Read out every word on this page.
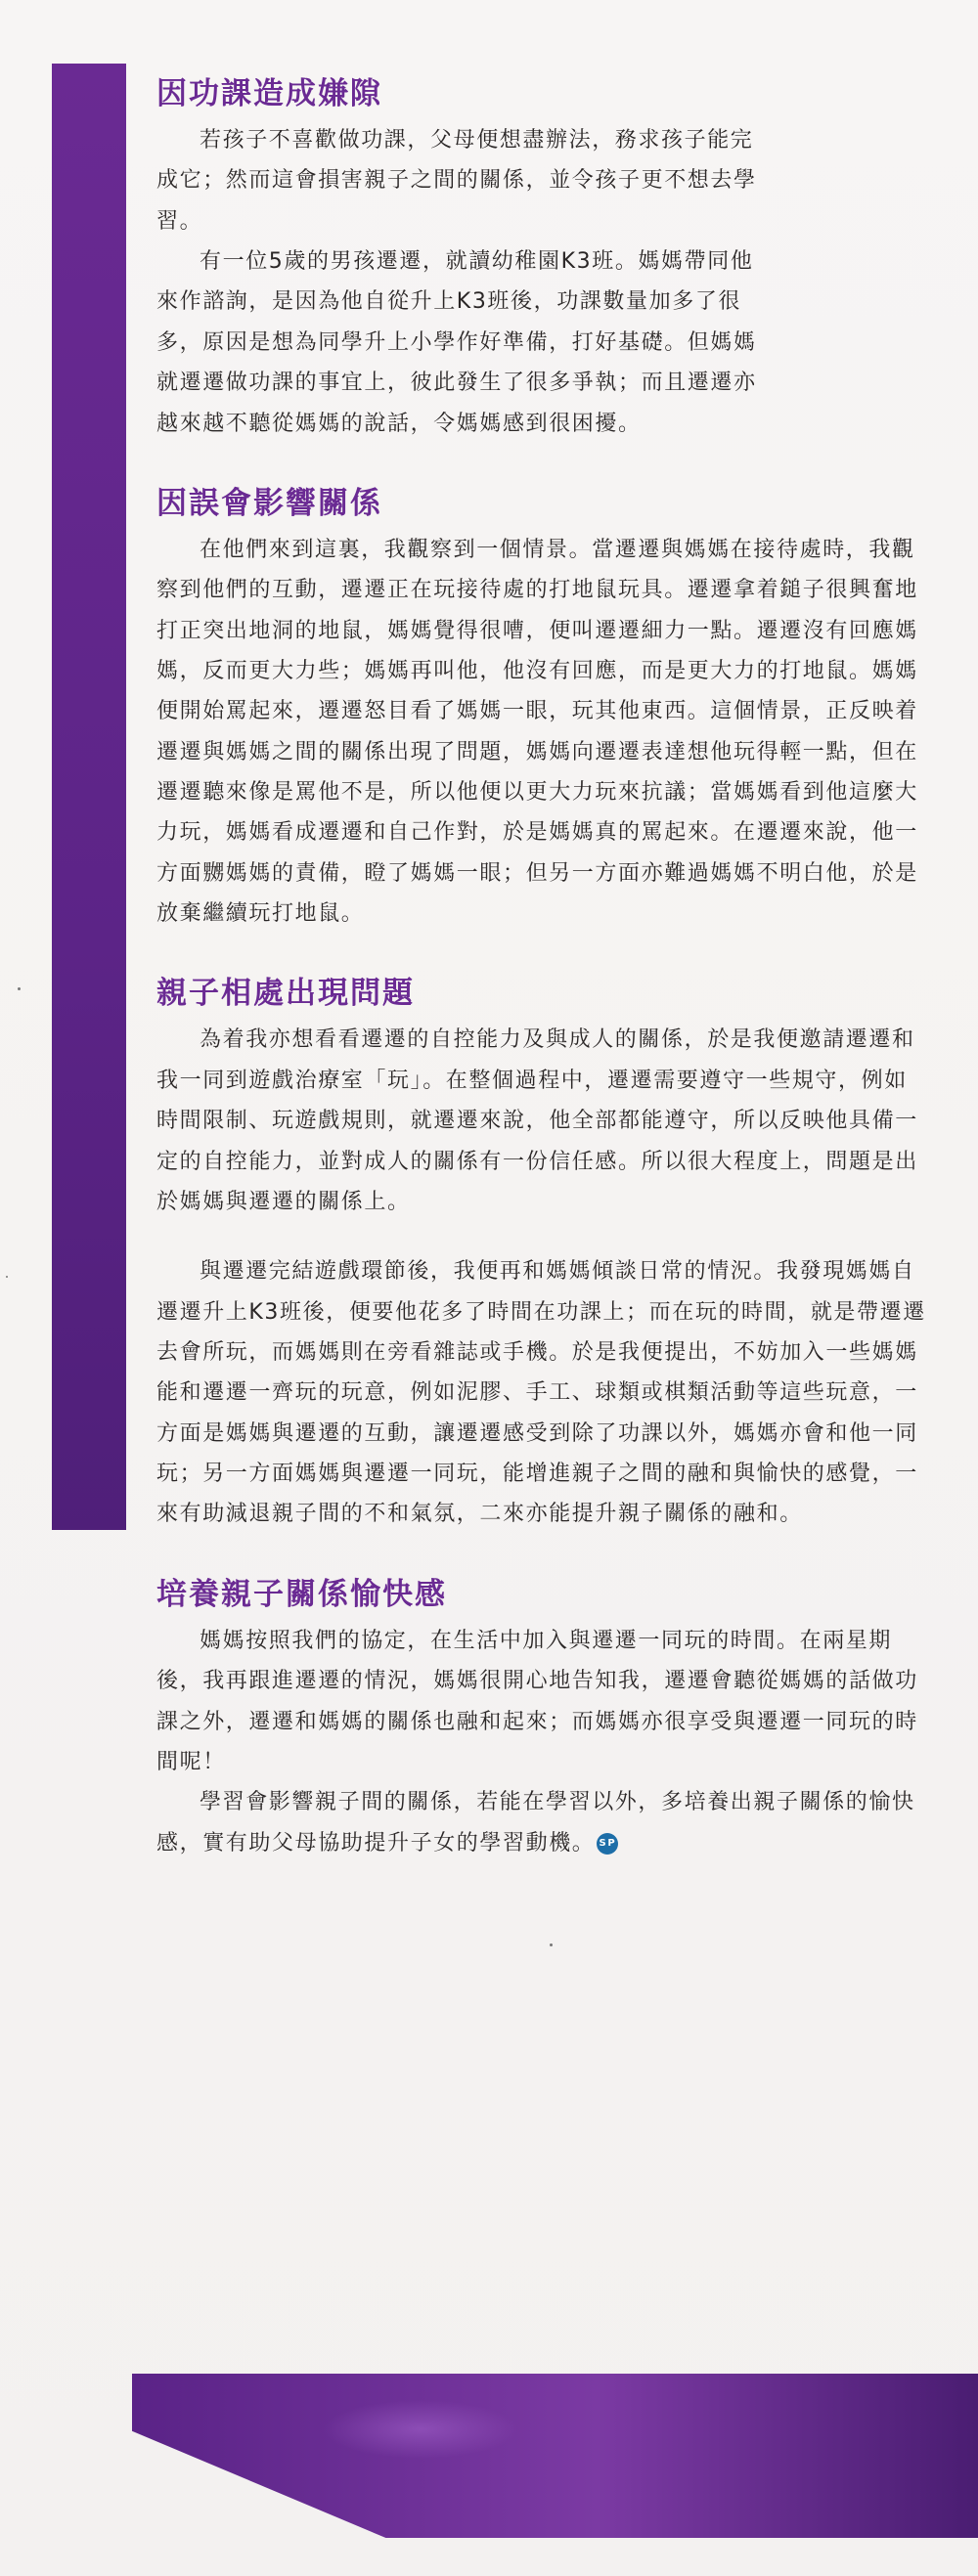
因功課造成嫌隙

若孩子不喜歡做功課，父母便想盡辦法，務求孩子能完成它；然而這會損害親子之間的關係，並令孩子更不想去學習。

有一位5歲的男孩遷遷，就讀幼稚園K3班。媽媽帶同他來作諮詢，是因為他自從升上K3班後，功課數量加多了很多，原因是想為同學升上小學作好準備，打好基礎。但媽媽就遷遷做功課的事宜上，彼此發生了很多爭執；而且遷遷亦越來越不聽從媽媽的說話，令媽媽感到很困擾。

因誤會影響關係

在他們來到這裏，我觀察到一個情景。當遷遷與媽媽在接待處時，我觀察到他們的互動，遷遷正在玩接待處的打地鼠玩具。遷遷拿着鎚子很興奮地打正突出地洞的地鼠，媽媽覺得很嘈，便叫遷遷細力一點。遷遷沒有回應媽媽，反而更大力些；媽媽再叫他，他沒有回應，而是更大力的打地鼠。媽媽便開始罵起來，遷遷怒目看了媽媽一眼，玩其他東西。這個情景，正反映着遷遷與媽媽之間的關係出現了問題，媽媽向遷遷表達想他玩得輕一點，但在遷遷聽來像是罵他不是，所以他便以更大力玩來抗議；當媽媽看到他這麼大力玩，媽媽看成遷遷和自己作對，於是媽媽真的罵起來。在遷遷來說，他一方面嬲媽媽的責備，瞪了媽媽一眼；但另一方面亦難過媽媽不明白他，於是放棄繼續玩打地鼠。

親子相處出現問題

為着我亦想看看遷遷的自控能力及與成人的關係，於是我便邀請遷遷和我一同到遊戲治療室「玩」。在整個過程中，遷遷需要遵守一些規守，例如時間限制、玩遊戲規則，就遷遷來說，他全部都能遵守，所以反映他具備一定的自控能力，並對成人的關係有一份信任感。所以很大程度上，問題是出於媽媽與遷遷的關係上。

與遷遷完結遊戲環節後，我便再和媽媽傾談日常的情況。我發現媽媽自遷遷升上K3班後，便要他花多了時間在功課上；而在玩的時間，就是帶遷遷去會所玩，而媽媽則在旁看雜誌或手機。於是我便提出，不妨加入一些媽媽能和遷遷一齊玩的玩意，例如泥膠、手工、球類或棋類活動等這些玩意，一方面是媽媽與遷遷的互動，讓遷遷感受到除了功課以外，媽媽亦會和他一同玩；另一方面媽媽與遷遷一同玩，能增進親子之間的融和與愉快的感覺，一來有助減退親子間的不和氣氛，二來亦能提升親子關係的融和。

培養親子關係愉快感

媽媽按照我們的協定，在生活中加入與遷遷一同玩的時間。在兩星期後，我再跟進遷遷的情況，媽媽很開心地告知我，遷遷會聽從媽媽的話做功課之外，遷遷和媽媽的關係也融和起來；而媽媽亦很享受與遷遷一同玩的時間呢！

學習會影響親子間的關係，若能在學習以外，多培養出親子關係的愉快感，實有助父母協助提升子女的學習動機。 SP
